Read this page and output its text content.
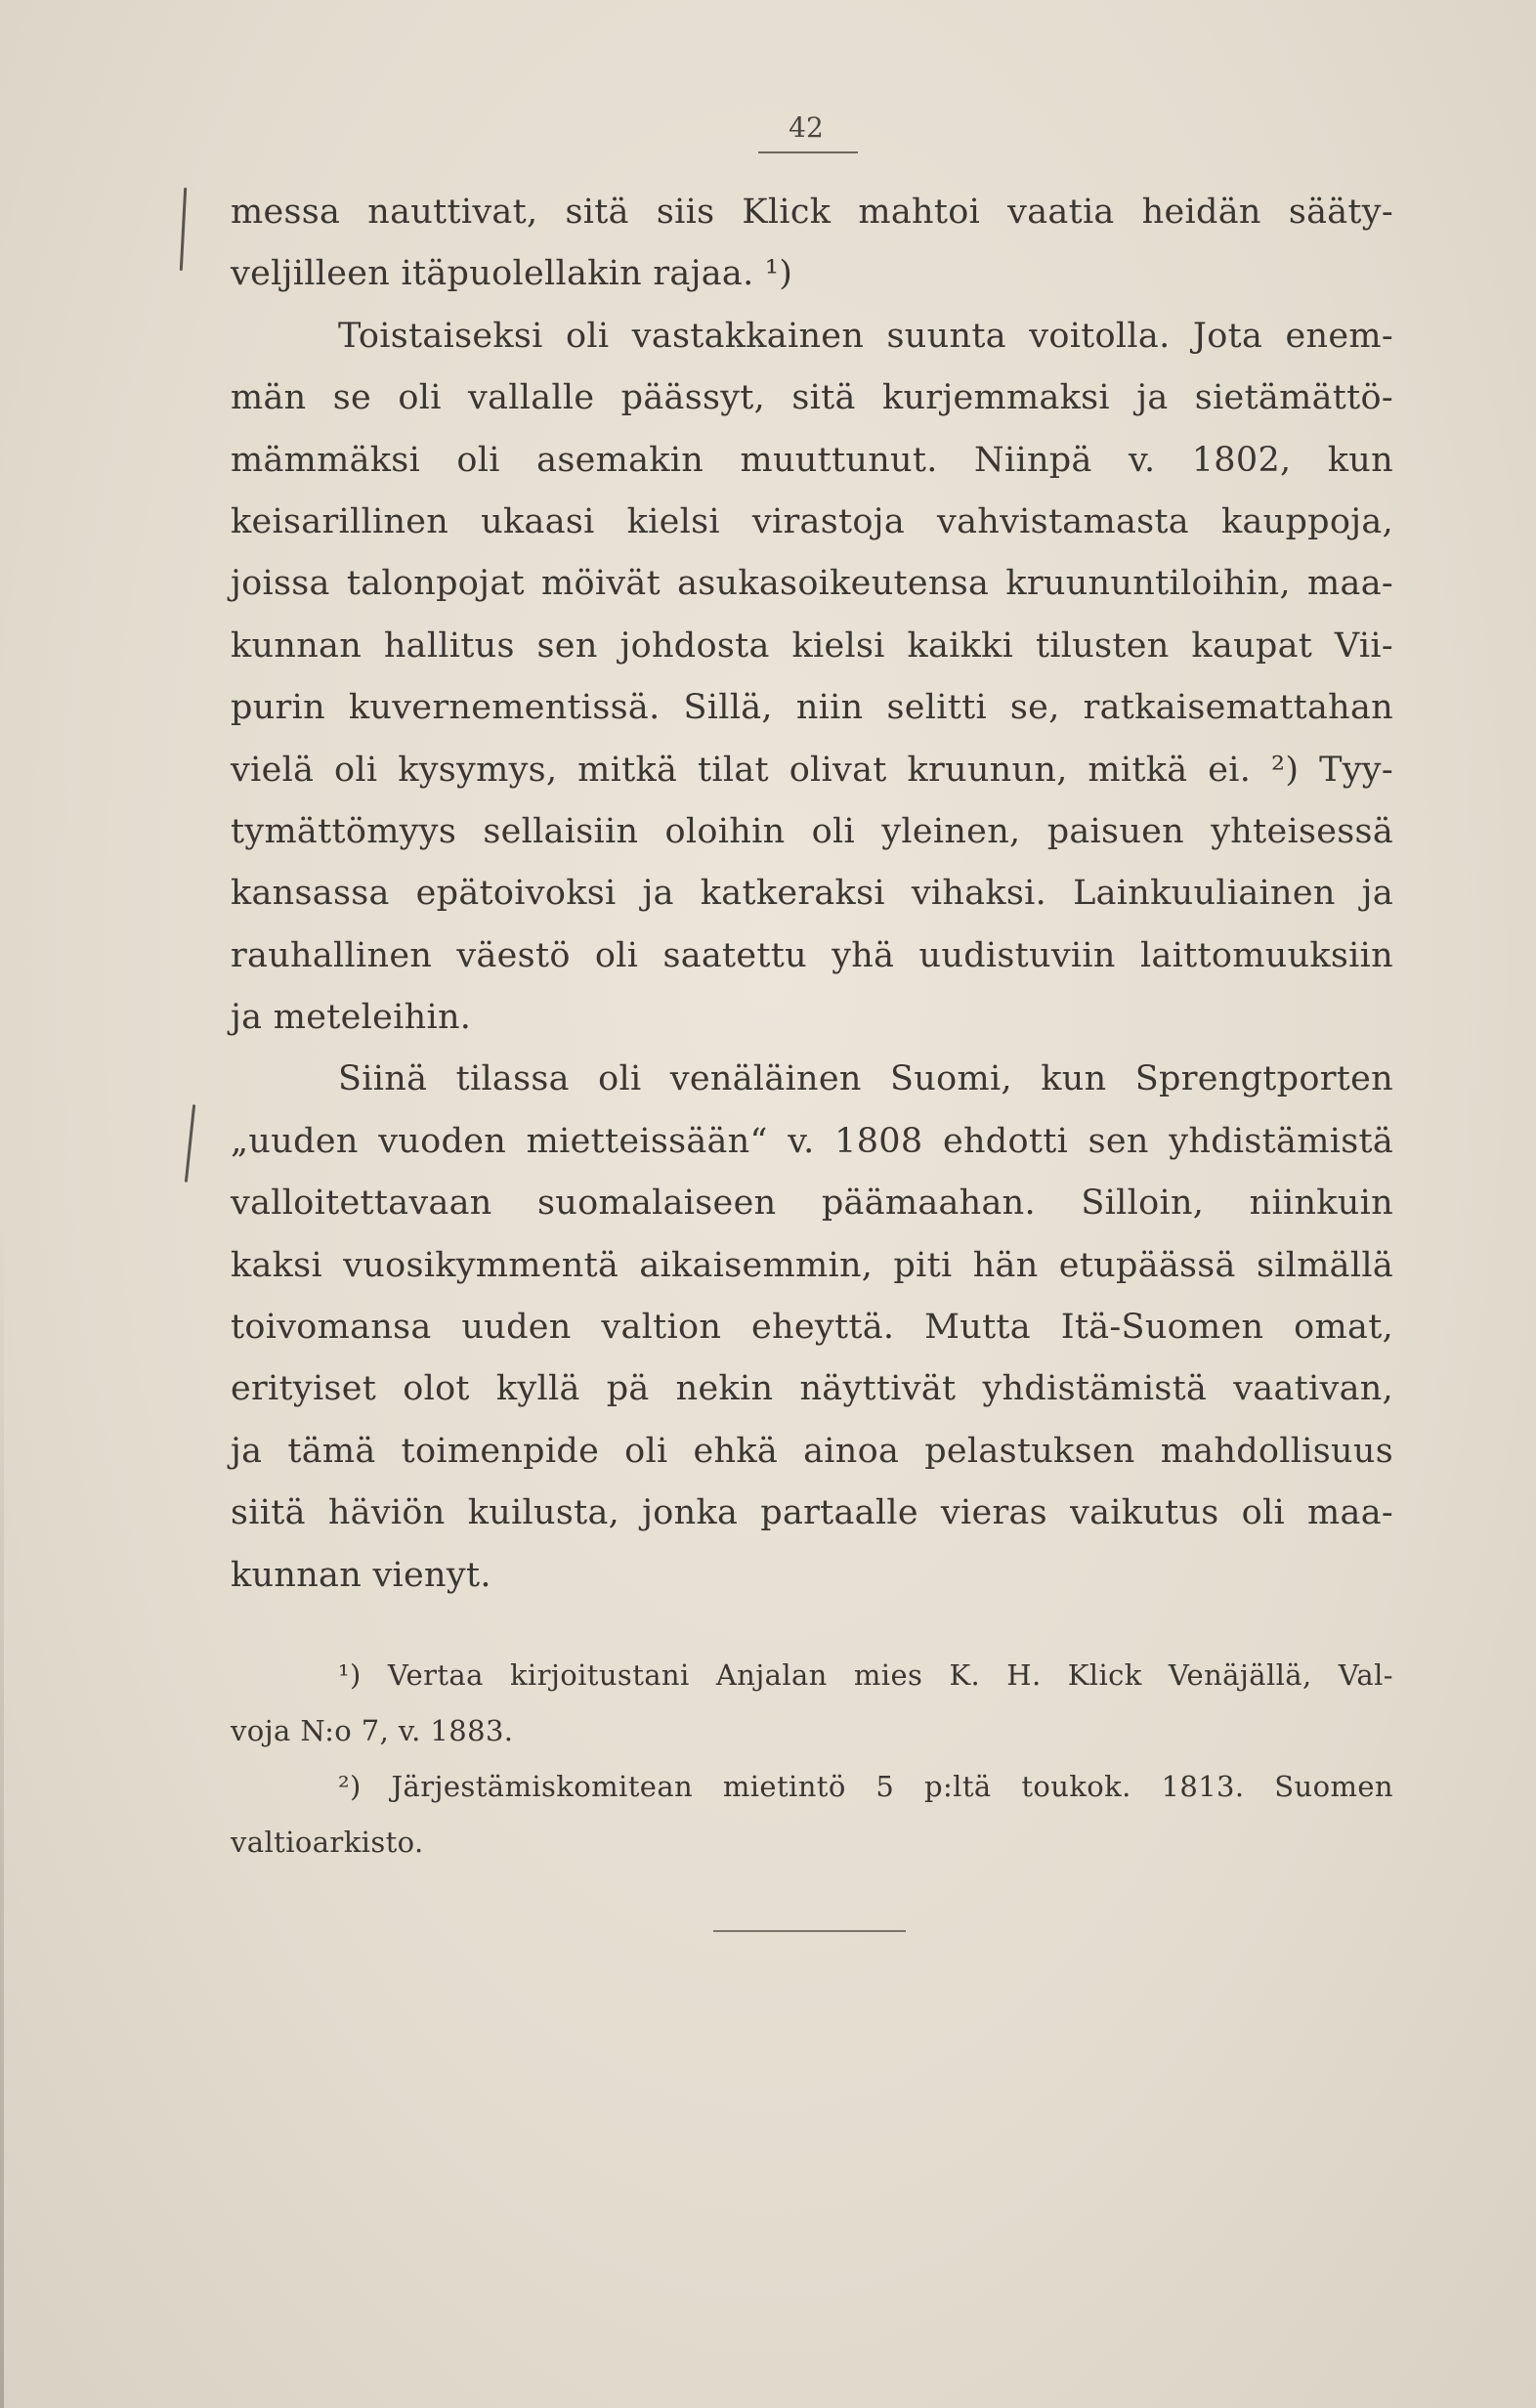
42
messa nauttivat, sitä siis Klick mahtoi vaatia heidän sääty-
veljilleen itäpuolellakin rajaa. ¹)
Toistaiseksi oli vastakkainen suunta voitolla. Jota enem-
män se oli vallalle päässyt, sitä kurjemmaksi ja sietämättö-
mämmäksi oli asemakin muuttunut. Niinpä v. 1802, kun
keisarillinen ukaasi kielsi virastoja vahvistamasta kauppoja,
joissa talonpojat möivät asukasoikeutensa kruununtiloihin, maa-
kunnan hallitus sen johdosta kielsi kaikki tilusten kaupat Vii-
purin kuvernementissä. Sillä, niin selitti se, ratkaisemattahan
vielä oli kysymys, mitkä tilat olivat kruunun, mitkä ei. ²) Tyy-
tymättömyys sellaisiin oloihin oli yleinen, paisuen yhteisessä
kansassa epätoivoksi ja katkeraksi vihaksi. Lainkuuliainen ja
rauhallinen väestö oli saatettu yhä uudistuviin laittomuuksiin
ja meteleihin.
Siinä tilassa oli venäläinen Suomi, kun Sprengtporten
„uuden vuoden mietteissään“ v. 1808 ehdotti sen yhdistämistä
valloitettavaan suomalaiseen päämaahan. Silloin, niinkuin
kaksi vuosikymmentä aikaisemmin, piti hän etupäässä silmällä
toivomansa uuden valtion eheyttä. Mutta Itä-Suomen omat,
erityiset olot kyllä pä nekin näyttivät yhdistämistä vaativan,
ja tämä toimenpide oli ehkä ainoa pelastuksen mahdollisuus
siitä häviön kuilusta, jonka partaalle vieras vaikutus oli maa-
kunnan vienyt.
¹) Vertaa kirjoitustani Anjalan mies K. H. Klick Venäjällä, Val-
voja N:o 7, v. 1883.
²) Järjestämiskomitean mietintö 5 p:ltä toukok. 1813. Suomen
valtioarkisto.
